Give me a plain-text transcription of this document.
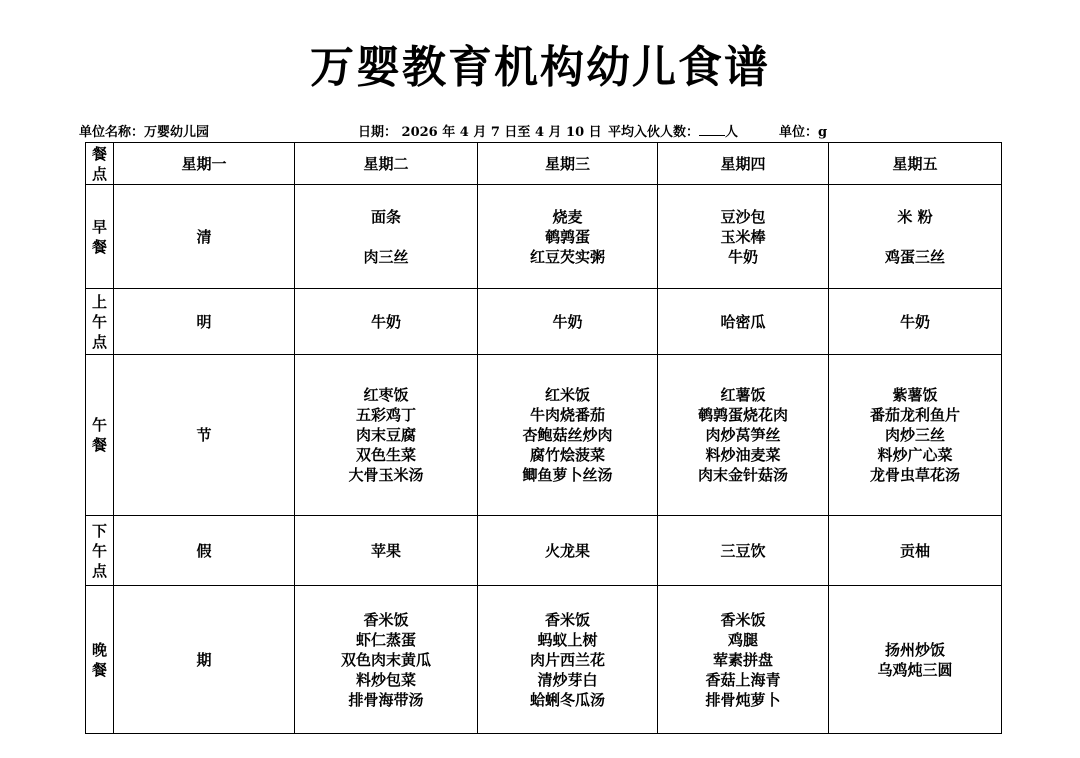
万婴教育机构幼儿食谱
单位名称：万婴幼儿园	日期： 2026 年 4 月 7 日至 4 月 10 日 平均入伙人数： 人	单位：g
餐
点	星期一	星期二	星期三	星期四	星期五

早
餐	清	面条

肉三丝	烧麦
鹌鹑蛋
红豆芡实粥	豆沙包
玉米棒
牛奶	米 粉

鸡蛋三丝

上
午
点	明	牛奶	牛奶	哈密瓜	牛奶

午
餐	节	红枣饭
五彩鸡丁
肉末豆腐
双色生菜
大骨玉米汤	红米饭
牛肉烧番茄
杏鲍菇丝炒肉
腐竹烩菠菜
鲫鱼萝卜丝汤	红薯饭
鹌鹑蛋烧花肉
肉炒莴笋丝
料炒油麦菜
肉末金针菇汤	紫薯饭
番茄龙利鱼片
肉炒三丝
料炒广心菜
龙骨虫草花汤

下
午
点	假	苹果	火龙果	三豆饮	贡柚

晚
餐	期	香米饭
虾仁蒸蛋
双色肉末黄瓜
料炒包菜
排骨海带汤	香米饭
蚂蚁上树
肉片西兰花
清炒芽白
蛤蜊冬瓜汤	香米饭
鸡腿
荤素拼盘
香菇上海青
排骨炖萝卜	扬州炒饭
乌鸡炖三圆
